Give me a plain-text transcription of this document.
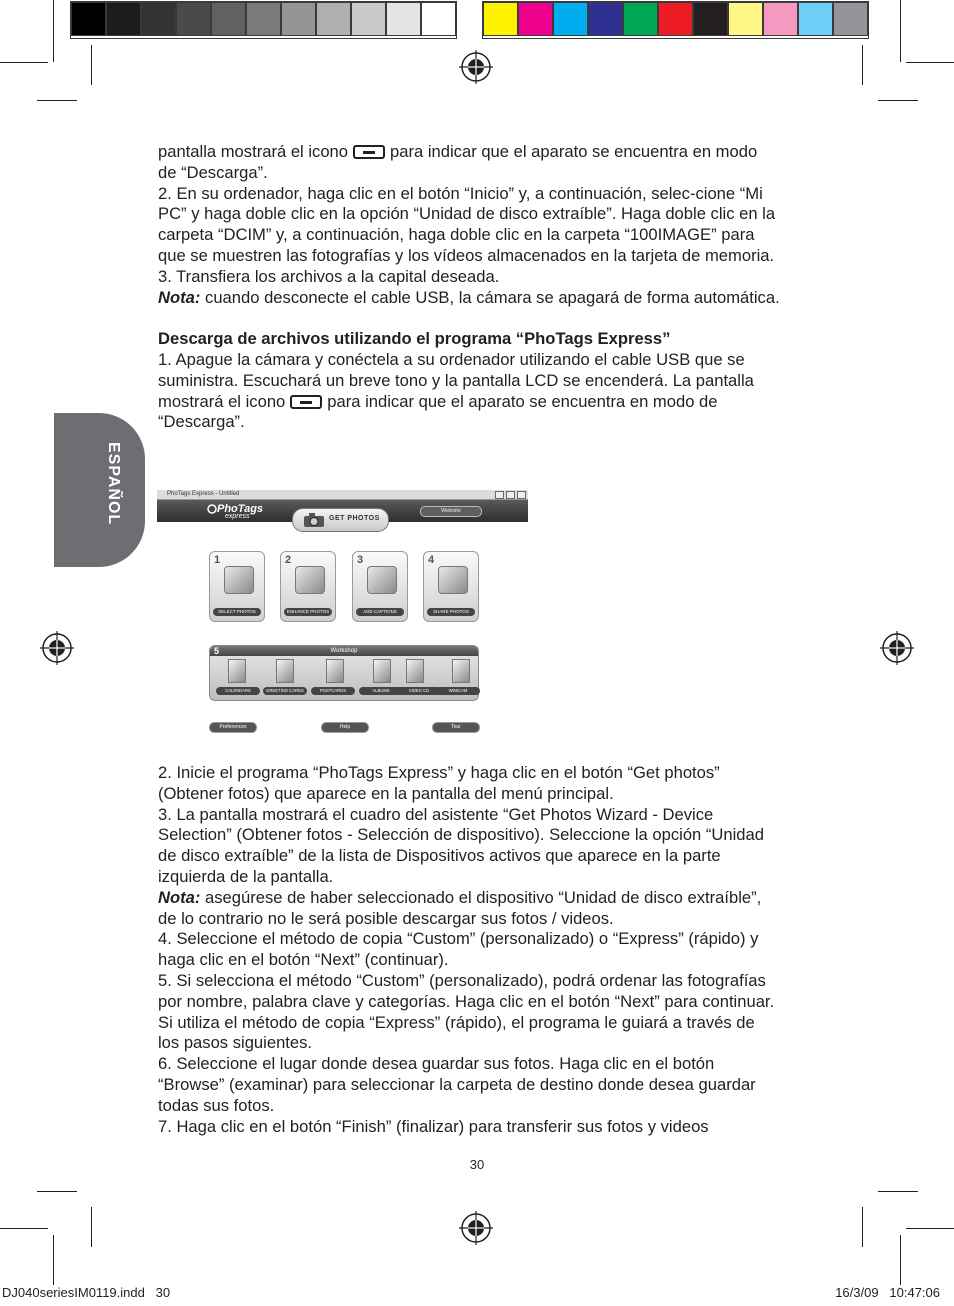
ESPAÑOL

pantalla mostrará el icono	para indicar que el aparato se encuentra en modo de “Descarga”.

2. En su ordenador, haga clic en el botón “Inicio” y, a continuación, selec-cione “Mi PC” y haga doble clic en la opción “Unidad de disco extraíble”. Haga doble clic en la carpeta “DCIM” y, a continuación, haga doble clic en la carpeta “100IMAGE” para que se muestren las fotografías y los vídeos almacenados en la tarjeta de memoria.

3. Transfiera los archivos a la capital deseada.

Nota: cuando desconecte el cable USB, la cámara se apagará de forma automática.

Descarga de archivos utilizando el programa “PhoTags Express”

1. Apague la cámara y conéctela a su ordenador utilizando el cable USB que se suministra. Escuchará un breve tono y la pantalla LCD se encenderá. La pantalla mostrará el icono	para indicar que el aparato se encuentra en modo de “Descarga”.

PhoTags Express - Untitled
PhoTags
express
Website
GET PHOTOS
1
SELECT PHOTOS
2
ENHANCE PHOTOS
3
ADD CAPTIONS
4
SHARE PHOTOS
Workshop
5
CALENDARS	GREETING CARDS	POSTCARDS	ALBUMS	VIDEO CD	WEBCAM
Preferences	Help	Tour

2. Inicie el programa “PhoTags Express” y haga clic en el botón “Get photos” (Obtener fotos) que aparece en la pantalla del menú principal.

3. La pantalla mostrará el cuadro del asistente “Get Photos Wizard - Device Selection” (Obtener fotos - Selección de dispositivo). Seleccione la opción “Unidad de disco extraíble” de la lista de Dispositivos activos que aparece en la parte izquierda de la pantalla.

Nota: asegúrese de haber seleccionado el dispositivo “Unidad de disco extraíble”, de lo contrario no le será posible descargar sus fotos / videos.

4. Seleccione el método de copia “Custom” (personalizado) o “Express” (rápido) y haga clic en el botón “Next” (continuar).

5. Si selecciona el método “Custom” (personalizado), podrá ordenar las fotografías por nombre, palabra clave y categorías. Haga clic en el botón “Next” para continuar. Si utiliza el método de copia “Express” (rápido), el programa le guiará a través de los pasos siguientes.

6. Seleccione el lugar donde desea guardar sus fotos. Haga clic en el botón “Browse” (examinar) para seleccionar la carpeta de destino donde desea guardar todas sus fotos.

7. Haga clic en el botón “Finish” (finalizar) para transferir sus fotos y videos

30
DJ040seriesIM0119.indd   30	16/3/09   10:47:06
